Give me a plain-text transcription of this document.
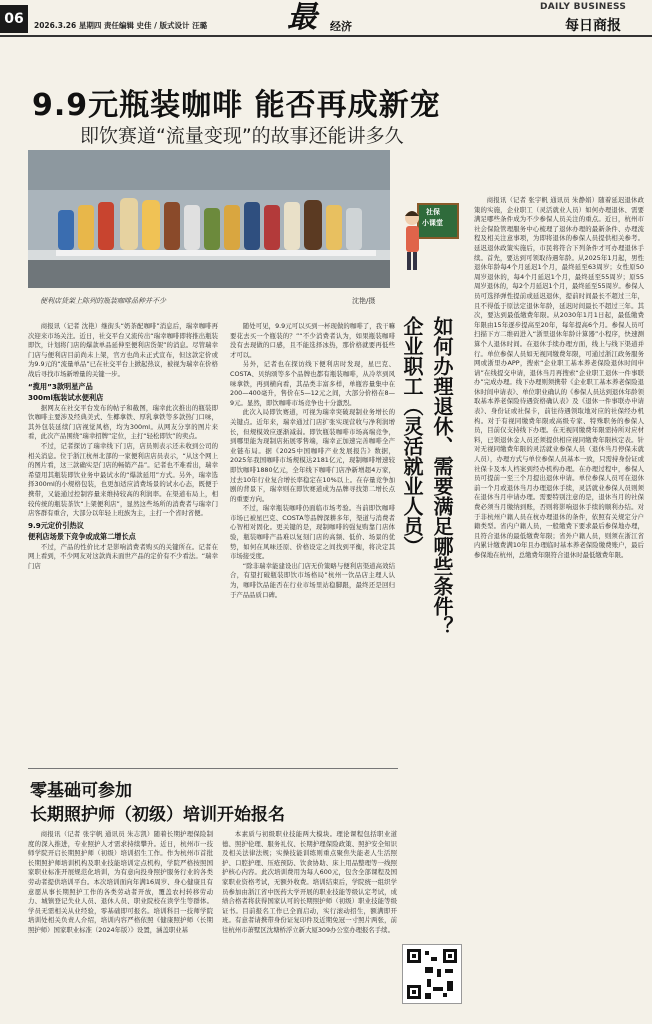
06	2026.3.26 星期四 责任编辑 史佳 / 版式设计 汪璐	最 经济
DAILY BUSINESS
每日商报
9.9元瓶装咖啡 能否再成新宠
即饮赛道“流量变现”的故事还能讲多久
便利店货架上陈列的瓶装咖啡品种并不少	沈艳/摄

商报讯（记者 沈艳）继街头“奶茶配咖啡”消息后，瑞幸咖啡再次迎来市场关注。近日，社交平台又流传出“瑞幸咖啡即将推出瓶装即饮，计划将门店的爆款单品延伸至便利店货架”的消息。尽管瑞幸门店与便利店目前尚未上架，官方也尚未正式宣布，但这款定价或为9.9元的“流量单品”已在社交平台上掀起热议，被视为瑞幸在价格战后寻找市场新增量的关键一步。

“揽用”3款明星产品
300ml瓶装试水便利店

据网友在社交平台发布的帖子和截图，瑞幸此次推出的瓶装即饮咖啡主要涉及经典美式、生椰拿铁、厚乳拿铁等多款热门口味，其外包装延续门店视觉风格，均为300ml。从网友分享的图片来看，此次产品围绕“瑞幸招牌”定位，主打“轻松即饮”的卖点。

不过，记者探访了瑞幸线下门店，店员则表示还未收到公司的相关消息。位于浙江杭州北部的一家便利店店员表示，“从这个网上的图片看，这三款确实是门店的畅销产品”。记者也不难看出，瑞幸希望用其瓶装即饮业务中最试水的“爆款延用”方式。另外，瑞幸选择300ml的小规格包装，也更加适应消费场景的试水心态，既便于携带，又能通过控制容量来维持较高的利润率。在渠道布局上，相较传统的瓶装茶饮“上架便利店”，显然这些场所的消费者与瑞幸门店客群有重合，大部分以年轻上班族为主，主打一个省时省便。

9.9元定价引热议
便利店场景下竞争或成第二增长点

不过，产品的性价比才是影响消费者购买的关键所在。记者在网上看到，不少网友对这款尚未面世产品的定价有不少看法。“瑞幸门店

随处可见，9.9元可以买到一杯现做的咖啡了，我干嘛要花去买一个瓶装的？”“不少消费者认为，如果瓶装咖啡没有去现做的口感，且不能选择冰热，那价格就要再低些才可以。

另外，记者也在探访线下便利店时发现，星巴克、COSTA、贝纳颂等多个品牌也都有瓶装咖啡，从冷萃到风味拿铁，再到横向看，其品类丰富多样，单瓶容量集中在200—400毫升，售价在5—12元之间，大部分价格在8—9元。显然，即饮咖啡市场竞争也十分激烈。

此次入局即饮赛道，可视为瑞幸突破现制业务增长的关键点。近年来，瑞幸通过门店扩张实现营收与净利润增长，但规模效应逐渐减弱。即饮瓶装咖啡市场高端竞争，到哪里能为现制店拓展零售端，瑞幸正加速完善咖啡全产业链布局。据《2025中国咖啡产业发展报告》数据，2025年我国咖啡市场规模达2181亿元，现制咖啡增速较即饮咖啡1880亿元，全年线下咖啡门店净新增超4万家，过去10年行业复合增长率稳定在10%以上。在存量竞争加剧的背景下，瑞幸则在即饮赛道成为品牌寻找第二增长点的重要方向。

不过，瑞幸瓶装咖啡仍面临市场考验。当前即饮咖啡市场已被星巴克、COSTA等品牌深耕多年，渠道与消费者心智相对固化。更关键的是，现制咖啡的强复购靠门店体验，瓶装咖啡产品难以复刻门店的高频、低价、场景的优势，如何在风味还原、价格设定之间找到平衡，将决定其市场接受度。

“除非瑞幸能建设出门店无价策略与便利店渠道高效结合，有望打破瓶装即饮市场格局”杭州一饮品店主理人认为，咖啡饮品能否在行业市场里站稳脚跟，最终还是回归于产品品质口碑。

零基础可参加
长期照护师（初级）培训开始报名

商报讯（记者 张宇帆 通讯员 朱志凯）随着长期护理保险制度的深入推进，专业照护人才需求持续攀升。近日，杭州市一技师学院开启长期照护师（初级）培训招生工作。作为杭州市首批长期照护师培训机构及职业技能培训定点机构，学院严格按照国家职业标准开展规范化培训，为有意向投身照护服务行业的各类劳动者提供培训平台。本次培训面向年满16周岁、身心健康且有意愿从事长期照护工作的各类劳动者开放，覆盖农村转移劳动力、城镇登记失业人员、退休人员、职业院校在读学生等群体。学员无需相关从业经验，零基础即可报名。培训科目一技师学院培训处相关负责人介绍，培训内容严格依照《健康照护师（长期照护师）国家职业标准（2024年版）》设置，涵盖职业基

本素质与初级职业技能两大模块。理论课程包括职业道德、照护伦理、服务礼仪、长期护理保险政策、照护安全知识及相关法律法规；实操技能训练则重点聚焦失能老人生活照护、口腔护理、压疮预防、饮食协助、床上用品整理等一线照护核心内容。此次培训费用为每人600元，包含全部课程及国家职业资格考试，无额外收费。培训结束后，学院统一组织学员参加由浙江省中医药大学开展的职业技能等级认定考试，成绩合格者将获得国家认可的长期照护师（初级）职业技能等级证书。目前报名工作已全面启动，实行滚动招生，额满即开班。有意者请携带身份证复印件及近期免冠一寸照片两张，前往杭州市萧墅区沈塘桥浮立新大厦309办公室办理报名手续。

社保
小课堂
如何办理退休、需要满足哪些条件？
企业职工（灵活就业人员）

商报讯（记者 张宇帆 通讯员 朱静娟）随着延迟退休政策的实施，企业职工（灵活就业人员）如何办理退休、需要满足哪些条件成为不少参保人员关注的重点。近日，杭州市社会保险管理服务中心梳理了退休办理的最新条件、办理流程及相关注意事项，为即将退休的参保人员提供相关参考。延迟退休政策实施后，市民将符合下列条件才可办理退休手续。首先，要达到可领取待遇年龄。从2025年1月起，男性退休年龄每4个月延迟1个月，最终延至63周岁；女性原50周岁退休的，每4个月延迟1个月，最终延至55周岁；原55周岁退休的，每2个月延迟1个月，最终延至55周岁。参保人员可选择弹性提前或延迟退休，提前时间最长不超过三年，且不得低于原法定退休年龄，延迟时间最长不超过三年。其次，要达到最低缴费年限。从2030年1月1日起，最低缴费年限由15年逐步提高至20年，每年提高6个月。参保人员可扫描下方二维码进入“浙里退休年龄计算器”小程序，快速测算个人退休时间。在退休手续办理方面，线上与线下渠道并行。单位参保人员如无视同缴费年限，可通过浙江政务服务网或浙里办APP，搜索“企业职工基本养老保险退休时间申请”在线提交申请，退休当月再搜索“企业职工退休一件事联办”完成办理。线下办理则须携带《企业职工基本养老保险退休时间申请表》、单位职业确认的《参保人员达到退休年龄领取基本养老保险待遇资格确认表》及《退休一件事联办申请表》、身份证或社保卡，前往待遇领取地对应的社保经办机构。对于有视同缴费年限或高级专家、特殊职务的参保人员，目前仅支持线下办理。在无视同缴费年限需持所对应材料，已领退休金人员还须提供相应视同缴费年限核定表。针对无视同缴费年限的灵活就业参保人员（退休当月停保未就人员），办理方式与单位参保人员基本一致，只需持身份证或社保卡及本人档案到经办机构办理。在办理过程中，参保人员可提前一至三个月提出退休申请。单位参保人员可在退休前一个月或退休当月办理退休手续，灵活就业参保人员则须在退休当月申请办理。需要特别注意的是，退休当月的社保费必须当月缴纳到账，否则将影响退休手续的顺利办结。对于非杭州户籍人员在杭办理退休的条件，依照有关规定分户籍类型。省内户籍人员，一般缴费下要求最后参保地办理，且符合退休的最低缴费年限；省外户籍人员，则须在浙江省内累计缴费满10年且办理临时基本养老保险缴费账户，最后参保地在杭州，总缴费年限符合退休时最低缴费年限。
